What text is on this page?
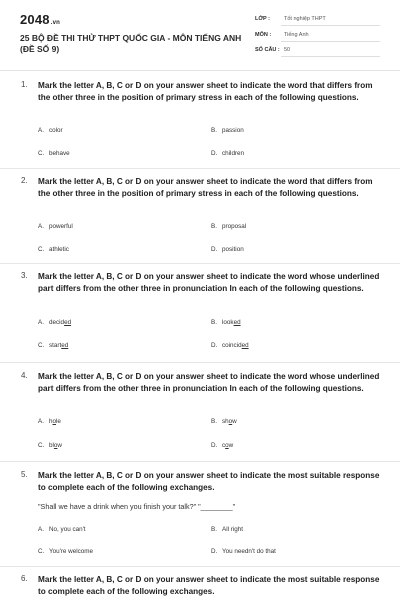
2048.vn
25 BỘ ĐỀ THI THỬ THPT QUỐC GIA - MÔN TIẾNG ANH (ĐỀ SỐ 9)
LỚP :	Tốt nghiệp THPT
MÔN : Tiếng Anh
SỐ CÂU : 50
1. Mark the letter A, B, C or D on your answer sheet to indicate the word that differs from the other three in the position of primary stress in each of the following questions.
A. color	B. passion
C. behave	D. children
2. Mark the letter A, B, C or D on your answer sheet to indicate the word that differs from the other three in the position of primary stress in each of the following questions.
A. powerful	B. proposal
C. athletic	D. position
3. Mark the letter A, B, C or D on your answer sheet to indicate the word whose underlined part differs from the other three in pronunciation In each of the following questions.
A. decided	B. looked
C. started	D. coincided
4. Mark the letter A, B, C or D on your answer sheet to indicate the word whose underlined part differs from the other three in pronunciation In each of the following questions.
A. hole	B. show
C. blow	D. cow
5. Mark the letter A, B, C or D on your answer sheet to indicate the most suitable response to complete each of the following exchanges.
"Shall we have a drink when you finish your talk?" "________"
A. No, you can't	B. All right
C. You're welcome	D. You needn't do that
6. Mark the letter A, B, C or D on your answer sheet to indicate the most suitable response to complete each of the following exchanges.
